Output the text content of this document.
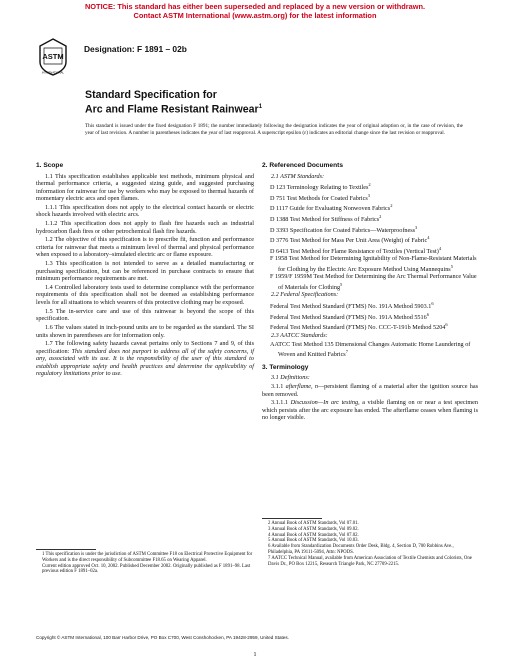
NOTICE: This standard has either been superseded and replaced by a new version or withdrawn.
Contact ASTM International (www.astm.org) for the latest information
ASTM
INTERNATIONAL
Designation: F 1891 – 02b
Standard Specification for
Arc and Flame Resistant Rainwear$^1$
This standard is issued under the fixed designation F 1891; the number immediately following the designation indicates the year of original adoption or, in the case of revision, the year of last revision. A number in parentheses indicates the year of last reapproval. A superscript epsilon (ε) indicates an editorial change since the last revision or reapproval.
1. Scope

1.1 This specification establishes applicable test methods, minimum physical and thermal performance criteria, a suggested sizing guide, and suggested purchasing information for rainwear for use by workers who may be exposed to thermal hazards of momentary electric arcs and open flames.

1.1.1 This specification does not apply to the electrical contact hazards or electric shock hazards involved with electric arcs.

1.1.2 This specification does not apply to flash fire hazards such as industrial hydrocarbon flash fires or other petrochemical flash fire hazards.

1.2 The objective of this specification is to prescribe fit, function and performance criteria for rainwear that meets a minimum level of thermal and physical performance when exposed to a laboratory–simulated electric arc or flame exposure.

1.3 This specification is not intended to serve as a detailed manufacturing or purchasing specification, but can be referenced in purchase contracts to ensure that minimum performance requirements are met.

1.4 Controlled laboratory tests used to determine compliance with the performance requirements of this specification shall not be deemed as establishing performance levels for all situations to which wearers of this protective clothing may be exposed.

1.5 The in-service care and use of this rainwear is beyond the scope of this specification.

1.6 The values stated in inch-pound units are to be regarded as the standard. The SI units shown in parentheses are for information only.

1.7 The following safety hazards caveat pertains only to Sections 7 and 9, of this specification: This standard does not purport to address all of the safety concerns, if any, associated with its use. It is the responsibility of the user of this standard to establish appropriate safety and health practices and determine the applicability of regulatory limitations prior to use.

1 This specification is under the jurisdiction of ASTM Committee F18 on Electrical Protective Equipment for Workers and is the direct responsibility of Subcommittee F18.65 on Wearing Apparel.

Current edition approved Oct. 10, 2002. Published December 2002. Originally published as F 1891–98. Last previous edition F 1891–02a.

2. Referenced Documents

2.1 ASTM Standards:

D 123 Terminology Relating to Textiles$^2$

D 751 Test Methods for Coated Fabrics$^3$

D 1117 Guide for Evaluating Nonwoven Fabrics$^2$

D 1388 Test Method for Stiffness of Fabrics$^2$

D 3393 Specification for Coated Fabrics—Waterproofness$^3$

D 3776 Test Method for Mass Per Unit Area (Weight) of Fabric$^4$

D 6413 Test Method for Flame Resistance of Textiles (Vertical Test)$^4$

F 1958 Test Method for Determining Ignitability of Non-Flame-Resistant Materials for Clothing by the Electric Arc Exposure Method Using Mannequins$^5$

F 1959/F 1959M Test Method for Determining the Arc Thermal Performance Value of Materials for Clothing$^5$

2.2 Federal Specifications:

Federal Test Method Standard (FTMS) No. 191A Method 5903.1$^6$

Federal Test Method Standard (FTMS) No. 191A Method 5516$^6$

Federal Test Method Standard (FTMS) No. CCC-T-191b Method 5204$^6$

2.3 AATCC Standards:

AATCC Test Method 135 Dimensional Changes Automatic Home Laundering of Woven and Knitted Fabrics$^7$

3. Terminology

3.1 Definitions:

3.1.1 afterflame, n—persistent flaming of a material after the ignition source has been removed.

3.1.1.1 Discussion—In arc testing, a visible flaming on or near a test specimen which persists after the arc exposure has ended. The afterflame ceases when flaming is no longer visible.

2 Annual Book of ASTM Standards, Vol 07.01.

3 Annual Book of ASTM Standards, Vol 09.02.

4 Annual Book of ASTM Standards, Vol 07.02.

5 Annual Book of ASTM Standards, Vol 10.03.

6 Available from Standardization Documents Order Desk, Bldg. 4, Section D, 700 Robbins Ave., Philadelphia, PA 19111-5094, Attn: NPODS.

7 AATCC Technical Manual, available from American Association of Textile Chemists and Colorists, One Davis Dr., PO Box 12215, Research Triangle Park, NC 27709-2215.

Copyright © ASTM International, 100 Barr Harbor Drive, PO Box C700, West Conshohocken, PA 19428-2959, United States.
1
